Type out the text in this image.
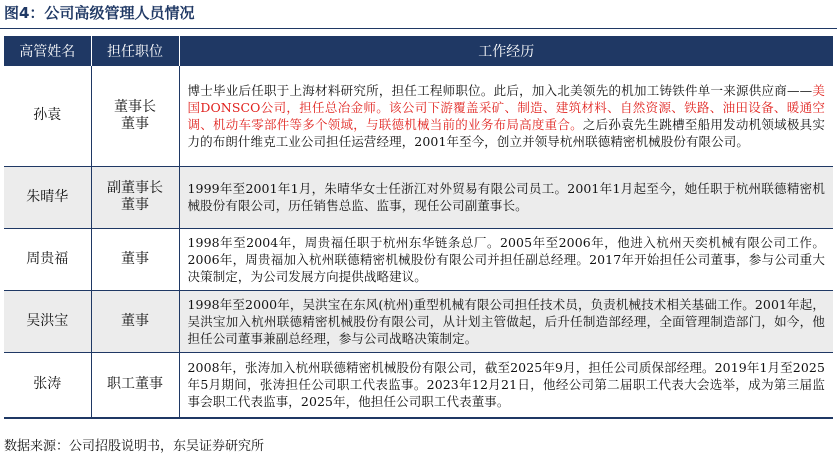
图4：公司高级管理人员情况
高管姓名	担任职位	工作经历
孙袁	董事长
董事	博士毕业后任职于上海材料研究所，担任工程师职位。此后，加入北美领先的机加工铸铁件单一来源供应商——美国DONSCO公司，担任总冶金师。该公司下游覆盖采矿、制造、建筑材料、自然资源、铁路、油田设备、暖通空调、机动车零部件等多个领域，与联德机械当前的业务布局高度重合。之后孙袁先生跳槽至船用发动机领域极具实力的布朗什维克工业公司担任运营经理，2001年至今，创立并领导杭州联德精密机械股份有限公司。
朱晴华	副董事长
董事	1999年至2001年1月，朱晴华女士任浙江对外贸易有限公司员工。2001年1月起至今，她任职于杭州联德精密机械股份有限公司，历任销售总监、监事，现任公司副董事长。
周贵福	董事	1998年至2004年，周贵福任职于杭州东华链条总厂。2005年至2006年，他进入杭州天奕机械有限公司工作。2006年，周贵福加入杭州联德精密机械股份有限公司并担任副总经理。2017年开始担任公司董事，参与公司重大决策制定，为公司发展方向提供战略建议。
吴洪宝	董事	1998年至2000年，吴洪宝在东风(杭州)重型机械有限公司担任技术员，负责机械技术相关基础工作。2001年起，吴洪宝加入杭州联德精密机械股份有限公司，从计划主管做起，后升任制造部经理，全面管理制造部门，如今，他担任公司董事兼副总经理，参与公司战略决策制定。
张涛	职工董事	2008年，张涛加入杭州联德精密机械股份有限公司，截至2025年9月，担任公司质保部经理。2019年1月至2025年5月期间，张涛担任公司职工代表监事。2023年12月21日，他经公司第二届职工代表大会选举，成为第三届监事会职工代表监事，2025年，他担任公司职工代表董事。
数据来源：公司招股说明书，东吴证券研究所
